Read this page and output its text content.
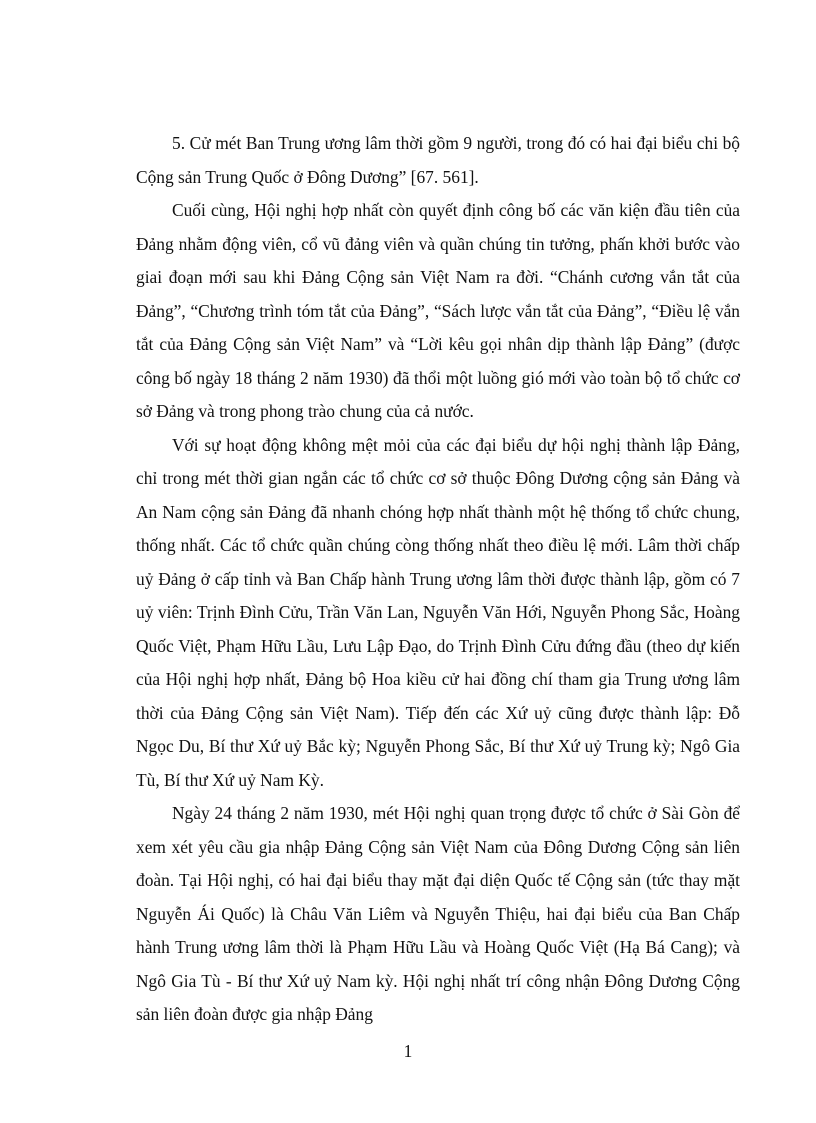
5. Cử mét Ban Trung ương lâm thời gồm 9 người, trong đó có hai đại biểu chi bộ Cộng sản Trung Quốc ở Đông Dương” [67. 561].

Cuối cùng, Hội nghị hợp nhất còn quyết định công bố các văn kiện đầu tiên của Đảng nhằm động viên, cổ vũ đảng viên và quần chúng tin tưởng, phấn khởi bước vào giai đoạn mới sau khi Đảng Cộng sản Việt Nam ra đời. “Chánh cương vắn tắt của Đảng”, “Chương trình tóm tắt của Đảng”, “Sách lược vắn tắt của Đảng”, “Điều lệ vắn tắt của Đảng Cộng sản Việt Nam” và “Lời kêu gọi nhân dịp thành lập Đảng” (được công bố ngày 18 tháng 2 năm 1930) đã thổi một luồng gió mới vào toàn bộ tổ chức cơ sở Đảng và trong phong trào chung của cả nước.

Với sự hoạt động không mệt mỏi của các đại biểu dự hội nghị thành lập Đảng, chỉ trong mét thời gian ngắn các tổ chức cơ sở thuộc Đông Dương cộng sản Đảng và An Nam cộng sản Đảng đã nhanh chóng hợp nhất thành một hệ thống tổ chức chung, thống nhất. Các tổ chức quần chúng còng thống nhất theo điều lệ mới. Lâm thời chấp uỷ Đảng ở cấp tỉnh và Ban Chấp hành Trung ương lâm thời được thành lập, gồm có 7 uỷ viên: Trịnh Đình Cửu, Trần Văn Lan, Nguyễn Văn Hới, Nguyễn Phong Sắc, Hoàng Quốc Việt, Phạm Hữu Lầu, Lưu Lập Đạo, do Trịnh Đình Cửu đứng đầu (theo dự kiến của Hội nghị hợp nhất, Đảng bộ Hoa kiều cử hai đồng chí tham gia Trung ương lâm thời của Đảng Cộng sản Việt Nam). Tiếp đến các Xứ uỷ cũng được thành lập: Đỗ Ngọc Du, Bí thư Xứ uỷ Bắc kỳ; Nguyễn Phong Sắc, Bí thư Xứ uỷ Trung kỳ; Ngô Gia Tù, Bí thư Xứ uỷ Nam Kỳ.

Ngày 24 tháng 2 năm 1930, mét Hội nghị quan trọng được tổ chức ở Sài Gòn để xem xét yêu cầu gia nhập Đảng Cộng sản Việt Nam của Đông Dương Cộng sản liên đoàn. Tại Hội nghị, có hai đại biểu thay mặt đại diện Quốc tế Cộng sản (tức thay mặt Nguyễn Ái Quốc) là Châu Văn Liêm và Nguyễn Thiệu, hai đại biểu của Ban Chấp hành Trung ương lâm thời là Phạm Hữu Lầu và Hoàng Quốc Việt (Hạ Bá Cang); và Ngô Gia Tù - Bí thư Xứ uỷ Nam kỳ. Hội nghị nhất trí công nhận Đông Dương Cộng sản liên đoàn được gia nhập Đảng

1
